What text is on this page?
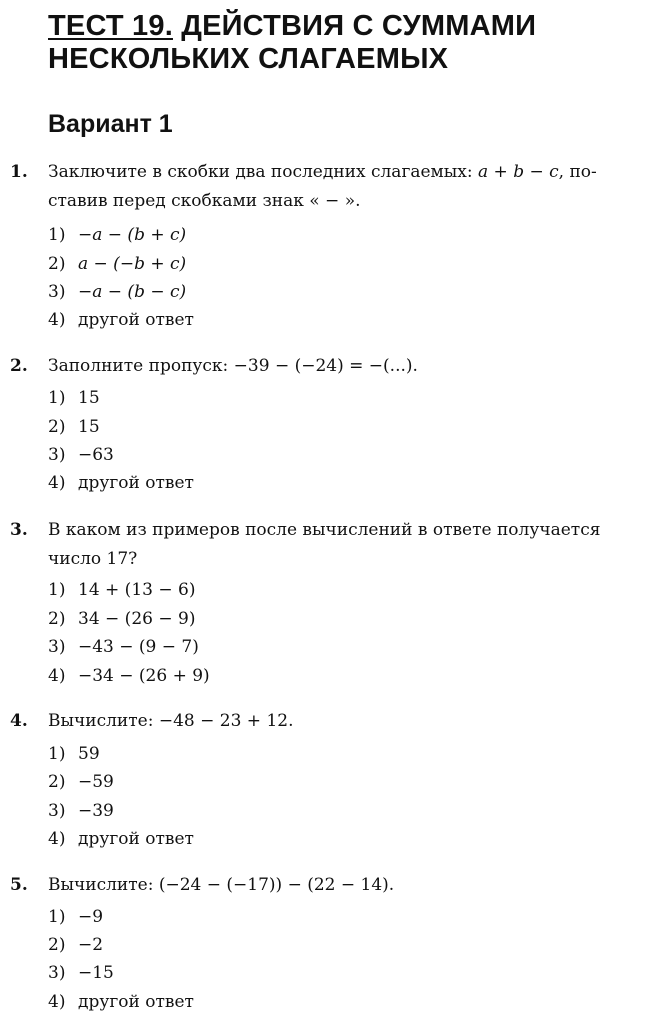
ТЕСТ 19. ДЕЙСТВИЯ С СУММАМИ
НЕСКОЛЬКИХ СЛАГАЕМЫХ
Вариант 1
1. Заключите в скобки два последних слагаемых: a + b − c, по-
ставив перед скобками знак « − ».
1) −a − (b + c)
2) a − (−b + c)
3) −a − (b − c)
4) другой ответ
2. Заполните пропуск: −39 − (−24) = −(...).
1) 15
2) 15
3) −63
4) другой ответ
3. В каком из примеров после вычислений в ответе получается
число 17?
1) 14 + (13 − 6)
2) 34 − (26 − 9)
3) −43 − (9 − 7)
4) −34 − (26 + 9)
4. Вычислите: −48 − 23 + 12.
1) 59
2) −59
3) −39
4) другой ответ
5. Вычислите: (−24 − (−17)) − (22 − 14).
1) −9
2) −2
3) −15
4) другой ответ
